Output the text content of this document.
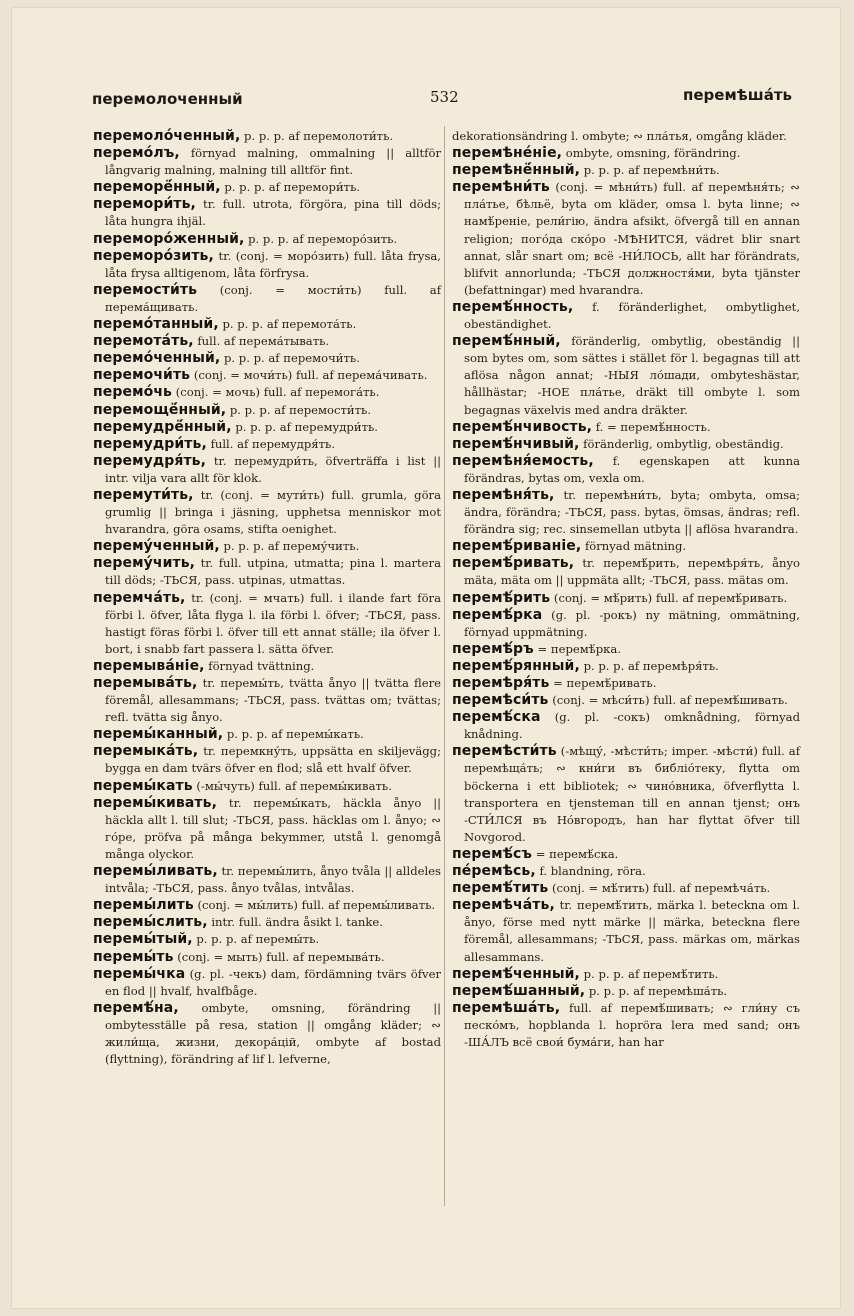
перемолоченный	532	перемѣша́ть

перемоло́ченный, p. p. p. af перемолоти́ть.

перемо́лъ, förnyad malning, ommalning || alltför långvarig malning, malning till alltför fint.

перемоpё́нный, p. p. p. af перемори́ть.

перемори́ть, tr. full. utrota, förgöra, pina till döds; låta hungra ihjäl.

перемоpо́женный, p. p. p. af перемоpо́зить.

перемоpо́зить, tr. (conj. = моро́зить) full. låta frysa, låta frysa alltigenom, låta förfrysa.

перемости́ть (conj. = мости́ть) full. af перема́щивать.

перемо́танный, p. p. p. af перемота́ть.

перемота́ть, full. af перема́тывать.

перемо́ченный, p. p. p. af перемочи́ть.

перемочи́ть (conj. = мочи́ть) full. af перема́чивать.

перемо́чь (conj. = мочь) full. af перемога́ть.

перемощё́нный, p. p. p. af перемости́ть.

перемудpё́нный, p. p. p. af перемудри́ть.

перемудри́ть, full. af перемудря́ть.

перемудря́ть, tr. перемудри́ть, öfverträffa i list || intr. vilja vara allt för klok.

перемути́ть, tr. (conj. = мути́ть) full. grumla, göra grumlig || bringa i jäsning, upphetsa menniskor mot hvarandra, göra osams, stifta oenighet.

перему́ченный, p. p. p. af перему́чить.

перему́чить, tr. full. utpina, utmatta; pina l. martera till döds; -ТЬСЯ, pass. utpinas, utmattas.

перемча́ть, tr. (conj. = мчать) full. i ilande fart föra förbi l. öfver, låta flyga l. ila förbi l. öfver; -ТЬСЯ, pass. hastigt föras förbi l. öfver till ett annat ställe; ila öfver l. bort, i snabb fart passera l. sätta öfver.

перемыва́ніе, förnyad tvättning.

перемыва́ть, tr. перемы́ть, tvätta ånyo || tvätta flere föremål, allesammans; -ТЬСЯ, pass. tvättas om; tvättas; refl. tvätta sig ånyo.

перемы́канный, p. p. p. af перемы́кать.

перемыка́ть, tr. перемкну́ть, uppsätta en skiljevägg; bygga en dam tvärs öfver en flod; slå ett hvalf öfver.

перемы́кать (-мы́чуть) full. af перемы́кивать.

перемы́кивать, tr. перемы́кать, häckla ånyo || häckla allt l. till slut; -ТЬСЯ, pass. häcklas om l. ånyo; ∾ го́ре, pröfva på många bekymmer, utstå l. genomgå många olyckor.

перемы́ливать, tr. перемы́лить, ånyo tvåla || alldeles intvåla; -ТЬСЯ, pass. ånyo tvålas, intvålas.

перемы́лить (conj. = мы́лить) full. af перемы́ливать.

перемы́слить, intr. full. ändra åsikt l. tanke.

перемы́тый, p. p. p. af перемы́ть.

перемы́ть (conj. = мыть) full. af перемыва́ть.

перемы́чка (g. pl. -чекъ) dam, fördämning tvärs öfver en flod || hvalf, hvalfbåge.

перемѣ́на, ombyte, omsning, förändring || ombytesställe på resa, station || omgång kläder; ∾ жили́ща, жизни, декора́цій, ombyte af bostad (flyttning), förändring af lif l. lefverne,

dekorationsändring l. ombyte; ∾ пла́тья, omgång kläder.

перемѣне́ніе, ombyte, omsning, förändring.

перемѣнё́нный, p. p. p. af перемѣни́ть.

перемѣни́ть (conj. = мѣни́ть) full. af перемѣня́ть; ∾ пла́тье, бѣльё, byta om kläder, omsa l. byta linne; ∾ намѣ́реніе, рели́гію, ändra afsikt, öfvergå till en annan religion; пого́да ско́ро -МѢНИТСЯ, vädret blir snart annat, slår snart om; всё -НИ́ЛОСЬ, allt har förändrats, blifvit annorlunda; -ТЬСЯ должностя́ми, byta tjänster (befattningar) med hvarandra.

перемѣ́нность, f. föränderlighet, ombytlighet, obeständighet.

перемѣ́нный, föränderlig, ombytlig, obeständig || som bytes om, som sättes i stället för l. begagnas till att aflösa någon annat; -НЫЯ ло́шади, ombyteshästar, hållhästar; -НОЕ пла́тье, dräkt till ombyte l. som begagnas växelvis med andra dräkter.

перемѣ́нчивость, f. = перемѣ́нность.

перемѣ́нчивый, föränderlig, ombytlig, obeständig.

перемѣня́емость, f. egenskapen att kunna förändras, bytas om, vexla om.

перемѣня́ть, tr. перемѣни́ть, byta; ombyta, omsa; ändra, förändra; -ТЬСЯ, pass. bytas, ömsas, ändras; refl. förändra sig; rec. sinsemellan utbyta || aflösa hvarandra.

перемѣ́риваніе, förnyad mätning.

перемѣ́ривать, tr. перемѣ́рить, перемѣря́ть, ånyo mäta, mäta om || uppmäta allt; -ТЬСЯ, pass. mätas om.

перемѣ́рить (conj. = мѣ́рить) full. af перемѣ́ривать.

перемѣ́рка (g. pl. -рокъ) ny mätning, ommätning, förnyad uppmätning.

перемѣ́ръ = перемѣ́рка.

перемѣ́рянный, p. p. p. af перемѣря́ть.

перемѣря́ть = перемѣ́ривать.

перемѣси́ть (conj. = мѣси́ть) full. af перемѣ́шивать.

перемѣ́ска (g. pl. -сокъ) omknådning, förnyad knådning.

перемѣсти́ть (-мѣщу́, -мѣсти́ть; imper. -мѣсти́) full. af перемѣща́ть; ∾ кни́ги въ библіо́теку, flytta om böckerna i ett bibliotek; ∾ чино́вника, öfverflytta l. transportera en tjensteman till en annan tjenst; онъ -СТИ́ЛСЯ въ Но́вгородъ, han har flyttat öfver till Novgorod.

перемѣ́съ = перемѣ́ска.

пе́ремѣсь, f. blandning, röra.

перемѣ́тить (conj. = мѣ́тить) full. af перемѣча́ть.

перемѣча́ть, tr. перемѣ́тить, märka l. beteckna om l. ånyo, förse med nytt märke || märka, beteckna flere föremål, allesammans; -ТЬСЯ, pass. märkas om, märkas allesammans.

перемѣ́ченный, p. p. p. af перемѣ́тить.

перемѣ́шанный, p. p. p. af перемѣша́ть.

перемѣша́ть, full. af перемѣ́шивать; ∾ гли́ну съ песко́мъ, hopblanda l. hopröra lera med sand; онъ -ША́ЛЪ всё свои́ бума́ги, han har
